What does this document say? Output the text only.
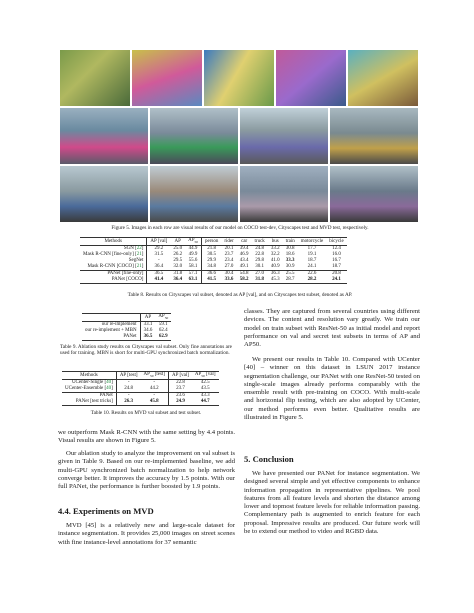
Figure 5. Images in each row are visual results of our model on COCO test-dev, Cityscapes test and MVD test, respectively.
Methods	AP [val]	AP	$AP_{50}$	person	rider	car	truck	bus	train	motorcycle	bicycle
SGN [22]	29.2	25.0	44.9	21.8	20.1	39.4	24.8	33.2	30.8	17.7	12.4
Mask R-CNN [fine-only] [21]	31.5	26.2	49.9	30.5	23.7	46.9	22.8	32.2	18.6	19.1	16.0
SegNet	-	29.5	55.6	29.9	23.4	43.4	29.8	41.0	33.3	18.7	16.7
Mask R-CNN [COCO] [21]	36.4	32.0	58.1	34.8	27.0	49.1	30.1	40.9	30.9	24.1	18.7
PANet [fine-only]	36.5	31.8	57.1	36.6	30.4	54.8	27.0	36.3	25.5	22.6	20.8
PANet [COCO]	41.4	36.4	63.1	41.5	33.6	58.2	31.8	45.3	28.7	28.2	24.1
Table 8. Results on Cityscapes val subset, denoted as AP [val], and on Cityscapes test subset, denoted as AP.
	AP	$AP_{50}$
our re-implement	33.1	59.1
our re-implement + MBN	34.6	62.4
PANet	36.5	62.9
Table 9. Ablation study results on Cityscapes val subset. Only fine annotations are used for training. MBN is short for multi-GPU synchronized batch normalization.
Methods	AP [test]	$AP_{50}$ [test]	AP [val]	$AP_{50}$ [val]
UCenter-Single [40]	-	-	22.8	42.5
UCenter-Ensemble [40]	24.8	44.2	23.7	43.5
PANet	-	-	23.6	43.3
PANet [test tricks]	26.3	45.8	24.9	44.7
Table 10. Results on MVD val subset and test subset.
we outperform Mask R-CNN with the same setting by 4.4 points. Visual results are shown in Figure 5.
Our ablation study to analyze the improvement on val subset is given in Table 9. Based on our re-implemented baseline, we add multi-GPU synchronized batch normalization to help network converge better. It improves the accuracy by 1.5 points. With our full PANet, the performance is further boosted by 1.9 points.
4.4. Experiments on MVD
MVD [45] is a relatively new and large-scale dataset for instance segmentation. It provides 25,000 images on street scenes with fine instance-level annotations for 37 semantic
classes. They are captured from several countries using different devices. The content and resolution vary greatly. We train our model on train subset with ResNet-50 as initial model and report performance on val and secret test subsets in terms of AP and AP50.
We present our results in Table 10. Compared with UCenter [40] – winner on this dataset in LSUN 2017 instance segmentation challenge, our PANet with one ResNet-50 tested on single-scale images already performs comparably with the ensemble result with pre-training on COCO. With multi-scale and horizontal flip testing, which are also adopted by UCenter, our method performs even better. Qualitative results are illustrated in Figure 5.
5. Conclusion
We have presented our PANet for instance segmentation. We designed several simple and yet effective components to enhance information propagation in representative pipelines. We pool features from all feature levels and shorten the distance among lower and topmost feature levels for reliable information passing. Complementary path is augmented to enrich feature for each proposal. Impressive results are produced. Our future work will be to extend our method to video and RGBD data.
